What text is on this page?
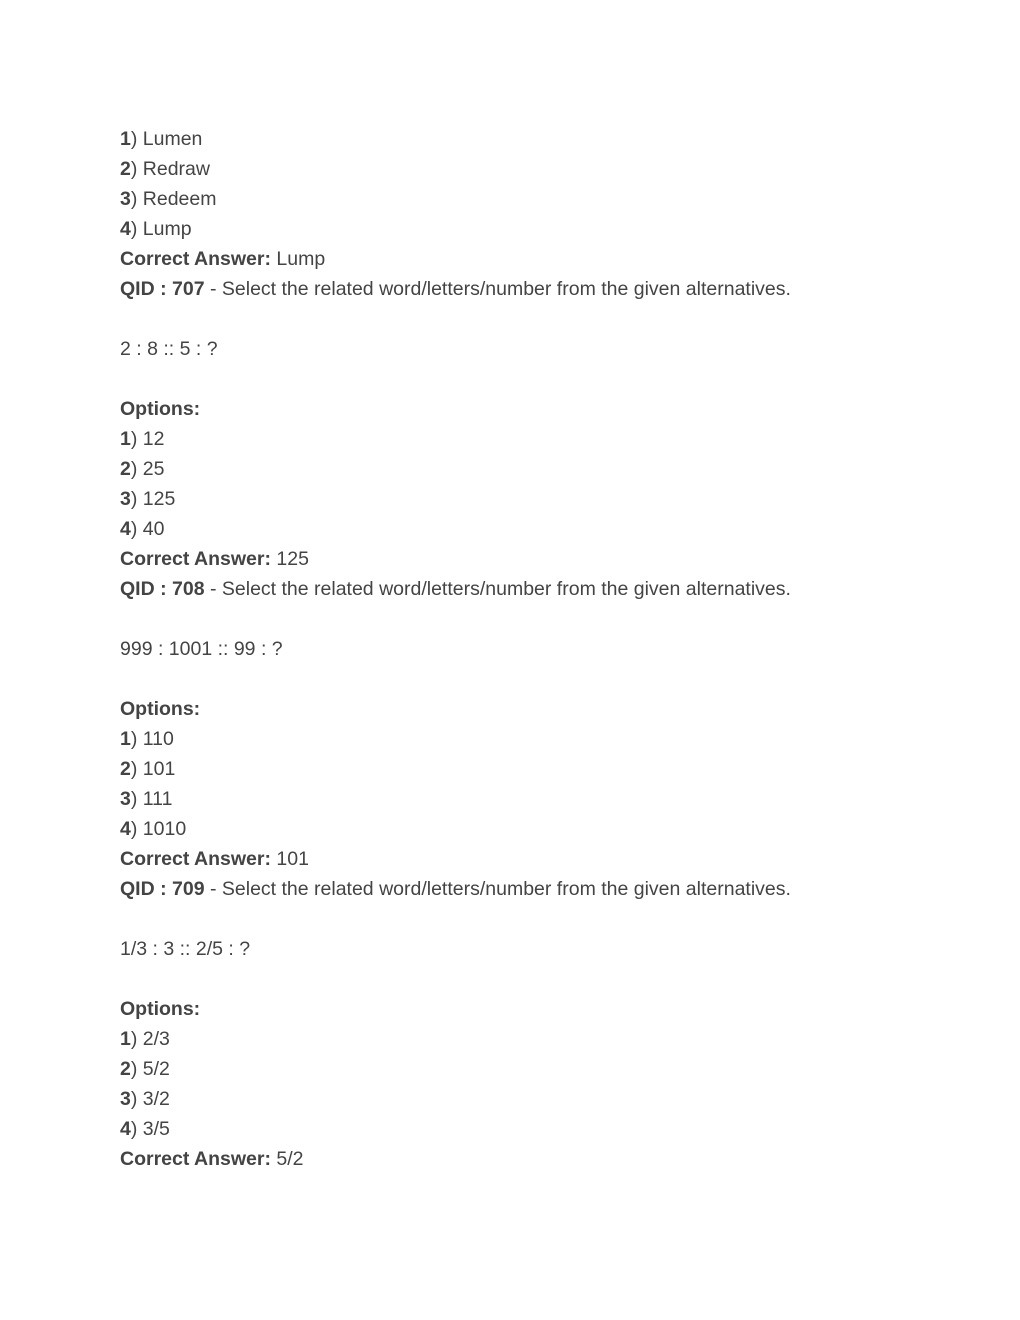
1) Lumen
2) Redraw
3) Redeem
4) Lump
Correct Answer: Lump
QID : 707 - Select the related word/letters/number from the given alternatives.
2 : 8 :: 5 : ?
Options:
1) 12
2) 25
3) 125
4) 40
Correct Answer: 125
QID : 708 - Select the related word/letters/number from the given alternatives.
999 : 1001 :: 99 : ?
Options:
1) 110
2) 101
3) 111
4) 1010
Correct Answer: 101
QID : 709 - Select the related word/letters/number from the given alternatives.
1/3 : 3 :: 2/5 : ?
Options:
1) 2/3
2) 5/2
3) 3/2
4) 3/5
Correct Answer: 5/2
